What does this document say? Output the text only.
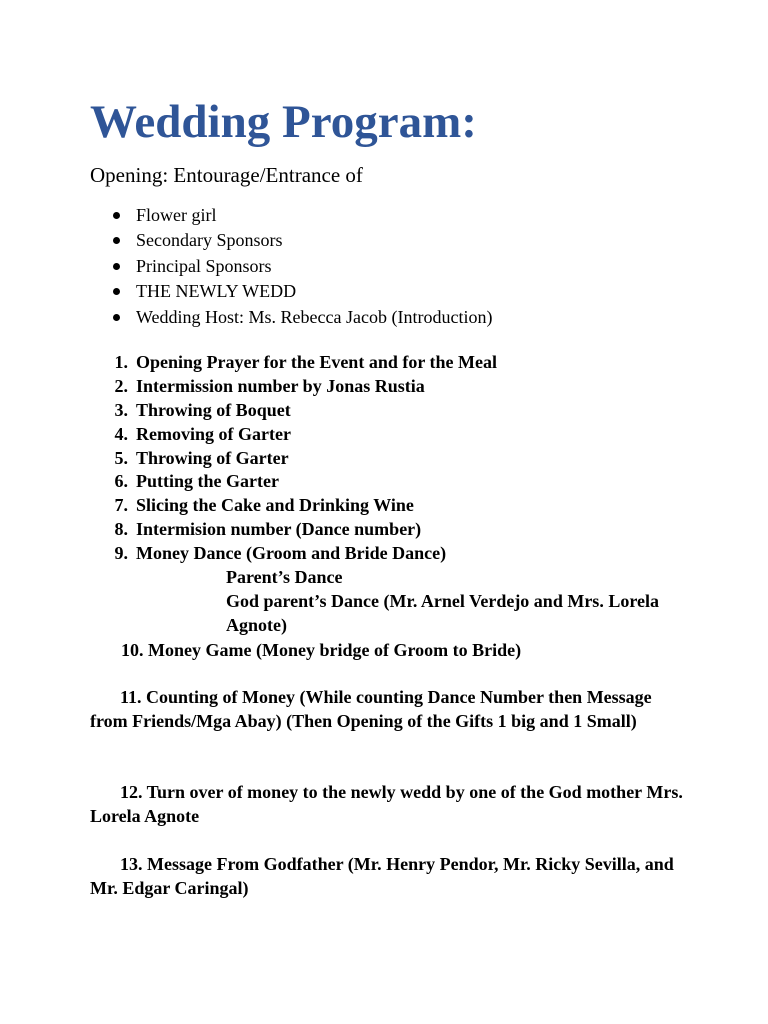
Wedding Program:

Opening: Entourage/Entrance of

Flower girl
Secondary Sponsors
Principal Sponsors
THE NEWLY WEDD
Wedding Host: Ms. Rebecca Jacob (Introduction)
1. Opening Prayer for the Event and for the Meal
2. Intermission number by Jonas Rustia
3. Throwing of Boquet
4. Removing of Garter
5. Throwing of Garter
6. Putting the Garter
7. Slicing the Cake and Drinking Wine
8. Intermision number (Dance number)
9. Money Dance (Groom and Bride Dance)

Parent’s Dance

God parent’s Dance (Mr. Arnel Verdejo and Mrs. Lorela Agnote)

10. Money Game (Money bridge of Groom to Bride)

11. Counting of Money (While counting Dance Number then Message from Friends/Mga Abay) (Then Opening of the Gifts 1 big and 1 Small)

12. Turn over of money to the newly wedd by one of the God mother Mrs. Lorela Agnote

13. Message From Godfather (Mr. Henry Pendor, Mr. Ricky Sevilla, and Mr. Edgar Caringal)
